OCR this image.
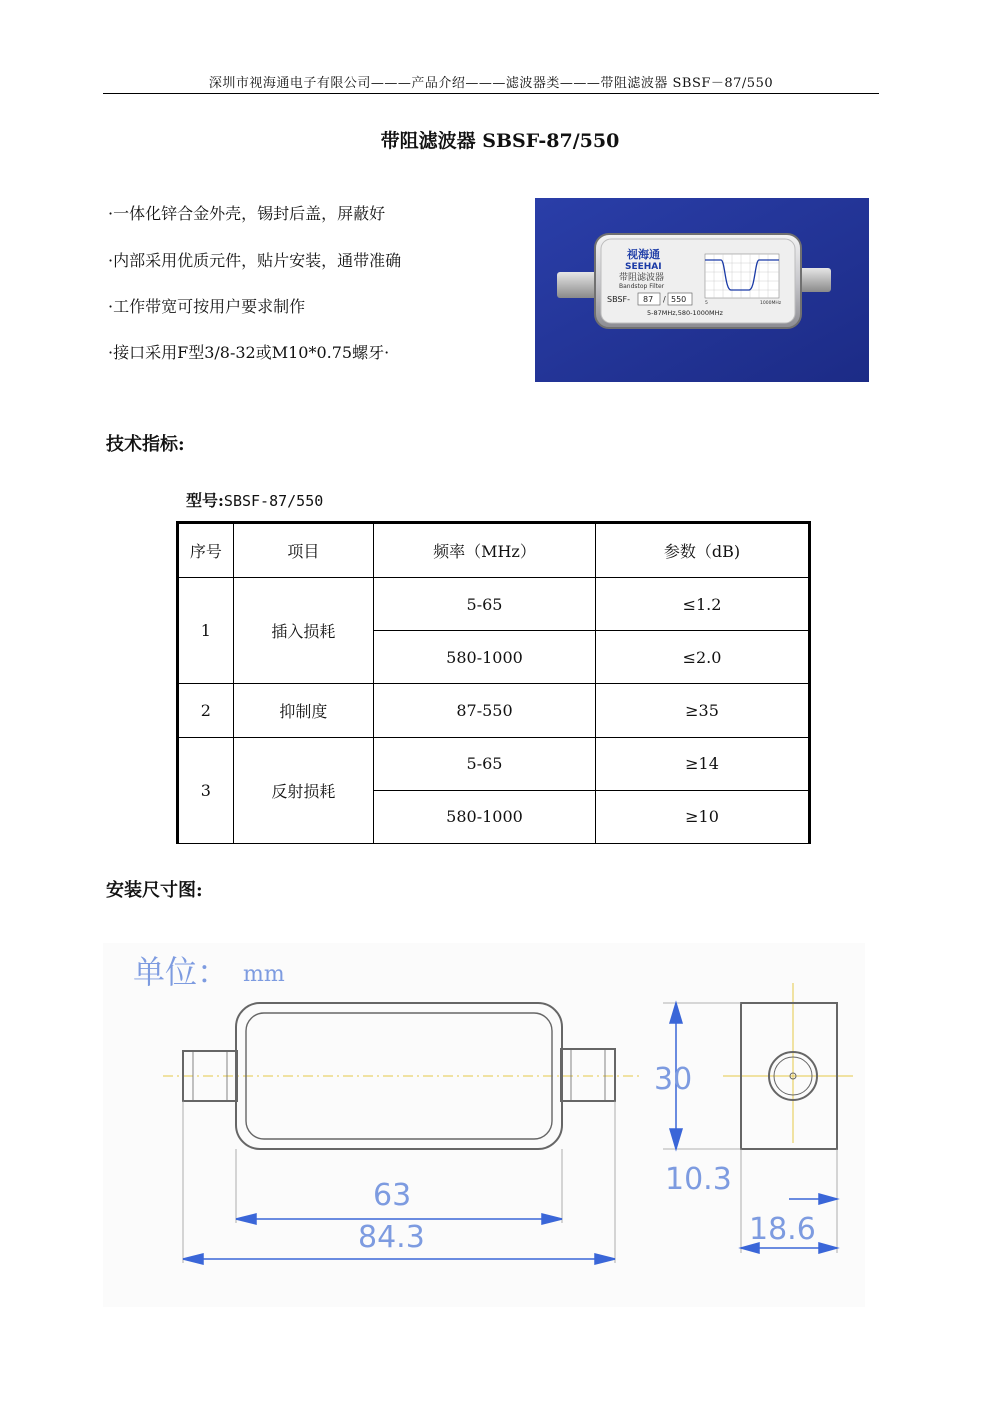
深圳市视海通电子有限公司———产品介绍———滤波器类———带阻滤波器 SBSF－87/550
带阻滤波器 SBSF-87/550
·一体化锌合金外壳，锡封后盖，屏蔽好
·内部采用优质元件，贴片安装，通带准确
·工作带宽可按用户要求制作
·接口采用F型3/8-32或M10*0.75螺牙·
视海通
SEEHAI
带阻滤波器
Bandstop Filter
SBSF- 87 / 550
5-87MHz,580-1000MHz
5	1000MHz
技术指标:
型号:SBSF-87/550
序号	项目	频率（MHz）	参数（dB)
1	插入损耗	5-65	≤1.2
		580-1000	≤2.0
2	抑制度	87-550	≥35
3	反射损耗	5-65	≥14
		580-1000	≥10
安装尺寸图:
单位： mm
30
63
84.3
10.3
18.6
